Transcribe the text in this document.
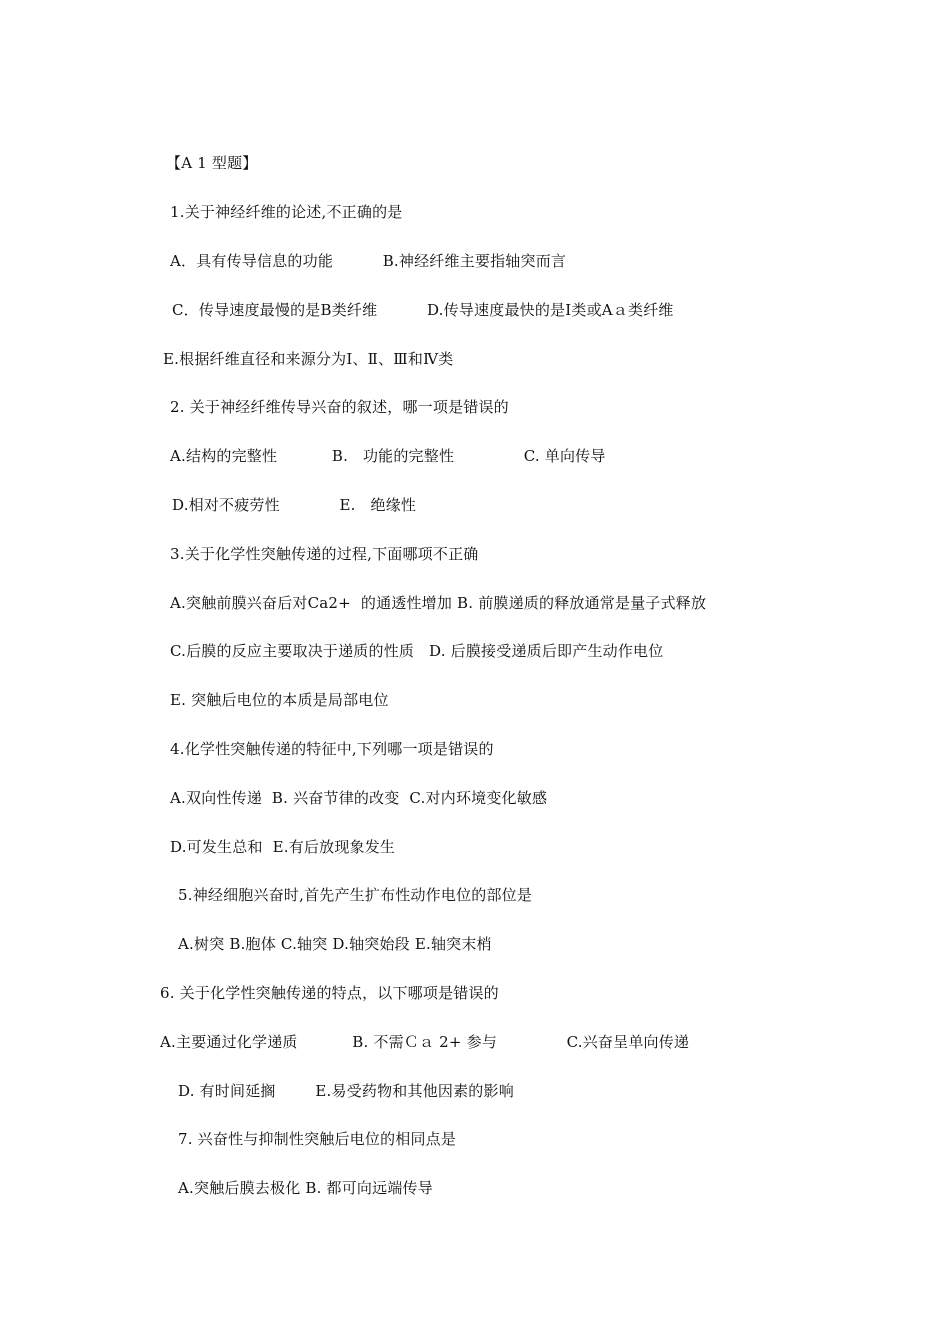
【A 1 型题】
1.关于神经纤维的论述,不正确的是
A．具有传导信息的功能          B.神经纤维主要指轴突而言
C．传导速度最慢的是B类纤维          D.传导速度最快的是Ⅰ类或Aａ类纤维
E.根据纤维直径和来源分为Ⅰ、Ⅱ、Ⅲ和Ⅳ类
2. 关于神经纤维传导兴奋的叙述，哪一项是错误的
A.结构的完整性           B.   功能的完整性              C. 单向传导
D.相对不疲劳性            E.   绝缘性
3.关于化学性突触传递的过程,下面哪项不正确
A.突触前膜兴奋后对Ca2+  的通透性增加 B. 前膜递质的释放通常是量子式释放
C.后膜的反应主要取决于递质的性质   D. 后膜接受递质后即产生动作电位
E. 突触后电位的本质是局部电位
4.化学性突触传递的特征中,下列哪一项是错误的
A.双向性传递  B. 兴奋节律的改变  C.对内环境变化敏感
D.可发生总和  E.有后放现象发生
5.神经细胞兴奋时,首先产生扩布性动作电位的部位是
A.树突 B.胞体 C.轴突 D.轴突始段 E.轴突末梢
6. 关于化学性突触传递的特点，以下哪项是错误的
A.主要通过化学递质           B. 不需Ｃａ 2+ 参与              C.兴奋呈单向传递
D. 有时间延搁        E.易受药物和其他因素的影响
7. 兴奋性与抑制性突触后电位的相同点是
A.突触后膜去极化 B. 都可向远端传导
